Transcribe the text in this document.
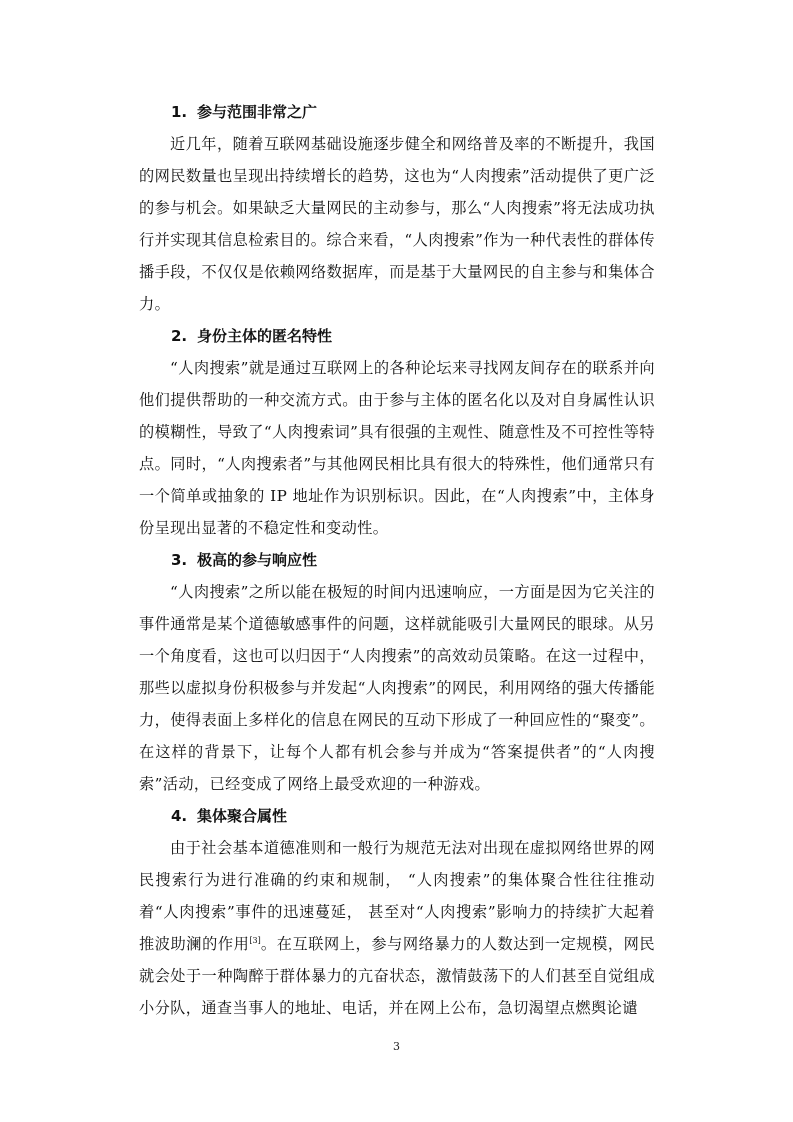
1. 参与范围非常之广

近几年，随着互联网基础设施逐步健全和网络普及率的不断提升，我国的网民数量也呈现出持续增长的趋势，这也为“人肉搜索”活动提供了更广泛的参与机会。如果缺乏大量网民的主动参与，那么“人肉搜索”将无法成功执行并实现其信息检索目的。综合来看，“人肉搜索”作为一种代表性的群体传播手段，不仅仅是依赖网络数据库，而是基于大量网民的自主参与和集体合力。

2. 身份主体的匿名特性

“人肉搜索”就是通过互联网上的各种论坛来寻找网友间存在的联系并向他们提供帮助的一种交流方式。由于参与主体的匿名化以及对自身属性认识的模糊性，导致了“人肉搜索词”具有很强的主观性、随意性及不可控性等特点。同时，“人肉搜索者”与其他网民相比具有很大的特殊性，他们通常只有一个简单或抽象的 IP 地址作为识别标识。因此，在“人肉搜索”中，主体身份呈现出显著的不稳定性和变动性。

3. 极高的参与响应性

“人肉搜索”之所以能在极短的时间内迅速响应，一方面是因为它关注的事件通常是某个道德敏感事件的问题，这样就能吸引大量网民的眼球。从另一个角度看，这也可以归因于“人肉搜索”的高效动员策略。在这一过程中，那些以虚拟身份积极参与并发起“人肉搜索”的网民，利用网络的强大传播能力，使得表面上多样化的信息在网民的互动下形成了一种回应性的“聚变”。在这样的背景下，让每个人都有机会参与并成为“答案提供者”的“人肉搜索”活动，已经变成了网络上最受欢迎的一种游戏。

4. 集体聚合属性

由于社会基本道德准则和一般行为规范无法对出现在虚拟网络世界的网民搜索行为进行准确的约束和规制， “人肉搜索”的集体聚合性往往推动着“人肉搜索”事件的迅速蔓延， 甚至对“人肉搜索”影响力的持续扩大起着推波助澜的作用[3]。在互联网上，参与网络暴力的人数达到一定规模，网民就会处于一种陶醉于群体暴力的亢奋状态，激情鼓荡下的人们甚至自觉组成小分队，通查当事人的地址、电话，并在网上公布，急切渴望点燃舆论谴

3
